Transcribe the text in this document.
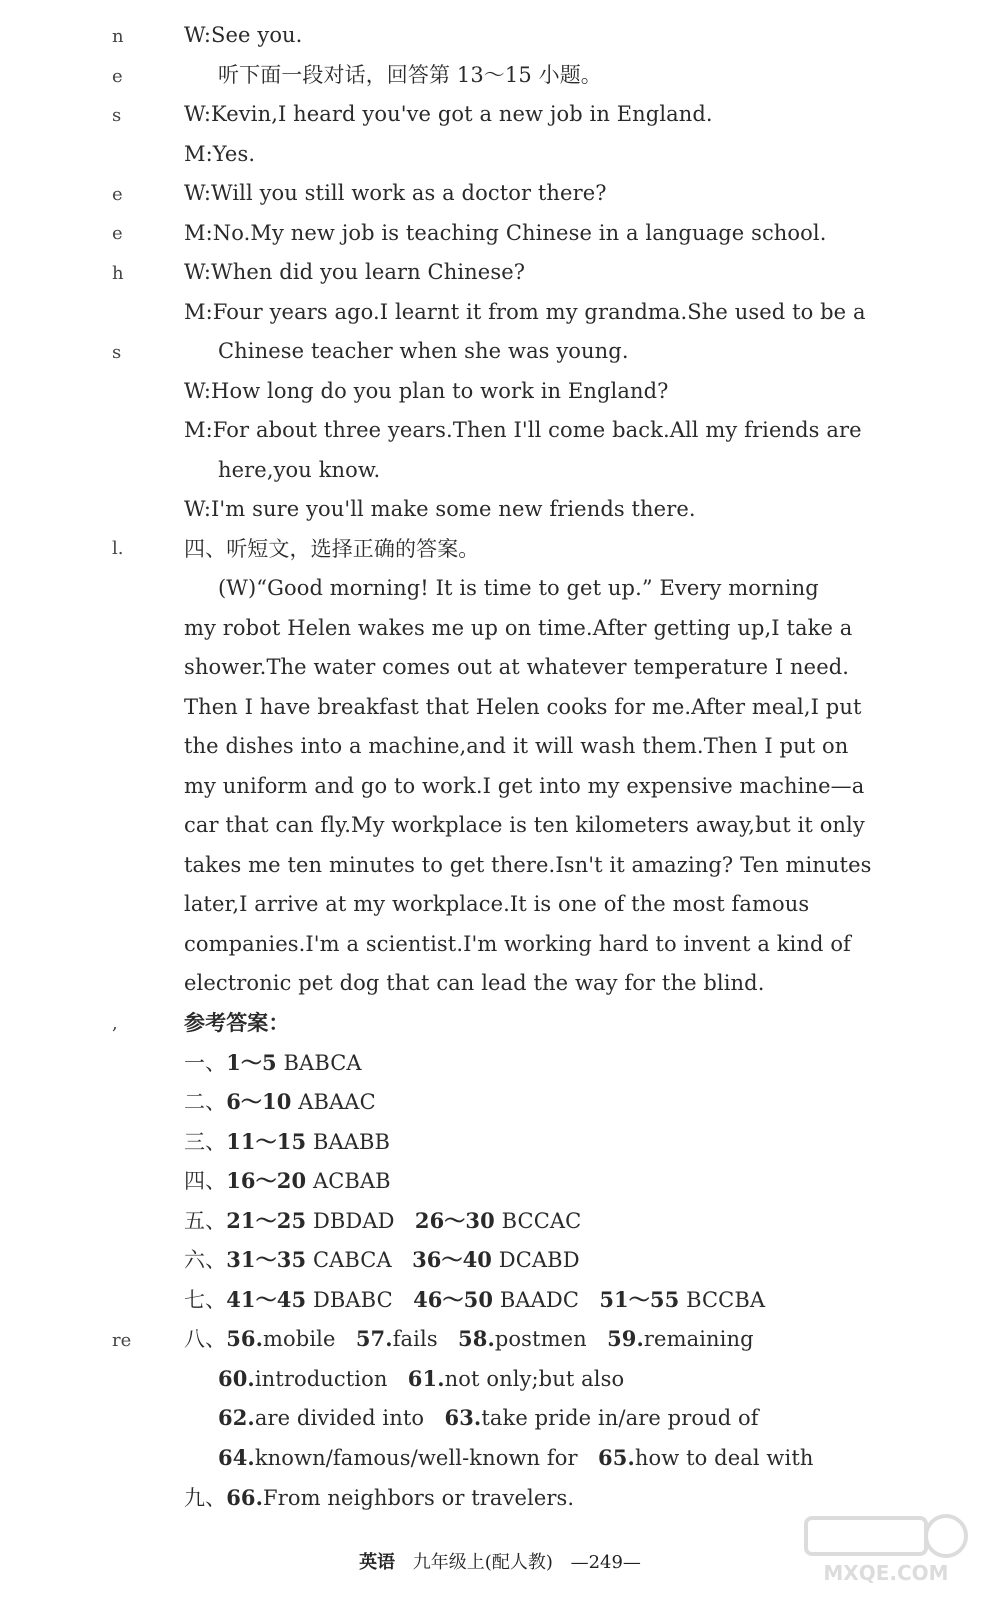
n
e
s
e
e
h
s
l.
,
re
W:See you.
听下面一段对话，回答第 13～15 小题。
W:Kevin,I heard you've got a new job in England.
M:Yes.
W:Will you still work as a doctor there?
M:No.My new job is teaching Chinese in a language school.
W:When did you learn Chinese?
M:Four years ago.I learnt it from my grandma.She used to be a
Chinese teacher when she was young.
W:How long do you plan to work in England?
M:For about three years.Then I'll come back.All my friends are
here,you know.
W:I'm sure you'll make some new friends there.
四、听短文，选择正确的答案。
(W)“Good morning! It is time to get up.” Every morning
my robot Helen wakes me up on time.After getting up,I take a
shower.The water comes out at whatever temperature I need.
Then I have breakfast that Helen cooks for me.After meal,I put
the dishes into a machine,and it will wash them.Then I put on
my uniform and go to work.I get into my expensive machine—a
car that can fly.My workplace is ten kilometers away,but it only
takes me ten minutes to get there.Isn't it amazing? Ten minutes
later,I arrive at my workplace.It is one of the most famous
companies.I'm a scientist.I'm working hard to invent a kind of
electronic pet dog that can lead the way for the blind.
参考答案：
一、1～5 BABCA
二、6～10 ABAAC
三、11～15 BAABB
四、16～20 ACBAB
五、21～25 DBDAD 26～30 BCCAC
六、31～35 CABCA 36～40 DCABD
七、41～45 DBABC 46～50 BAADC 51～55 BCCBA
八、56.mobile 57.fails 58.postmen 59.remaining
60.introduction 61.not only;but also
62.are divided into 63.take pride in/are proud of
64.known/famous/well-known for 65.how to deal with
九、66.From neighbors or travelers.
英语 九年级上(配人教) —249—	MXQE.COM
